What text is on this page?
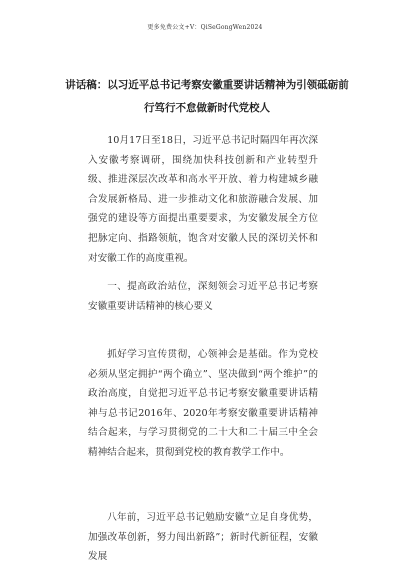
更多免费公文+V：QiSeGongWen2024
讲话稿：以习近平总书记考察安徽重要讲话精神为引领砥砺前行笃行不怠做新时代党校人

10月17日至18日，习近平总书记时隔四年再次深入安徽考察调研，围绕加快科技创新和产业转型升级、推进深层次改革和高水平开放、着力构建城乡融合发展新格局、进一步推动文化和旅游融合发展、加强党的建设等方面提出重要要求，为安徽发展全方位把脉定向、指路领航，饱含对安徽人民的深切关怀和对安徽工作的高度重视。

一、提高政治站位，深刻领会习近平总书记考察安徽重要讲话精神的核心要义

抓好学习宣传贯彻，心领神会是基础。作为党校必须从坚定拥护“两个确立”、坚决做到“两个维护”的政治高度，自觉把习近平总书记考察安徽重要讲话精神与总书记2016年、2020年考察安徽重要讲话精神结合起来，与学习贯彻党的二十大和二十届三中全会精神结合起来，贯彻到党校的教育教学工作中。

八年前，习近平总书记勉励安徽“立足自身优势，加强改革创新，努力闯出新路”；新时代新征程，安徽发展
